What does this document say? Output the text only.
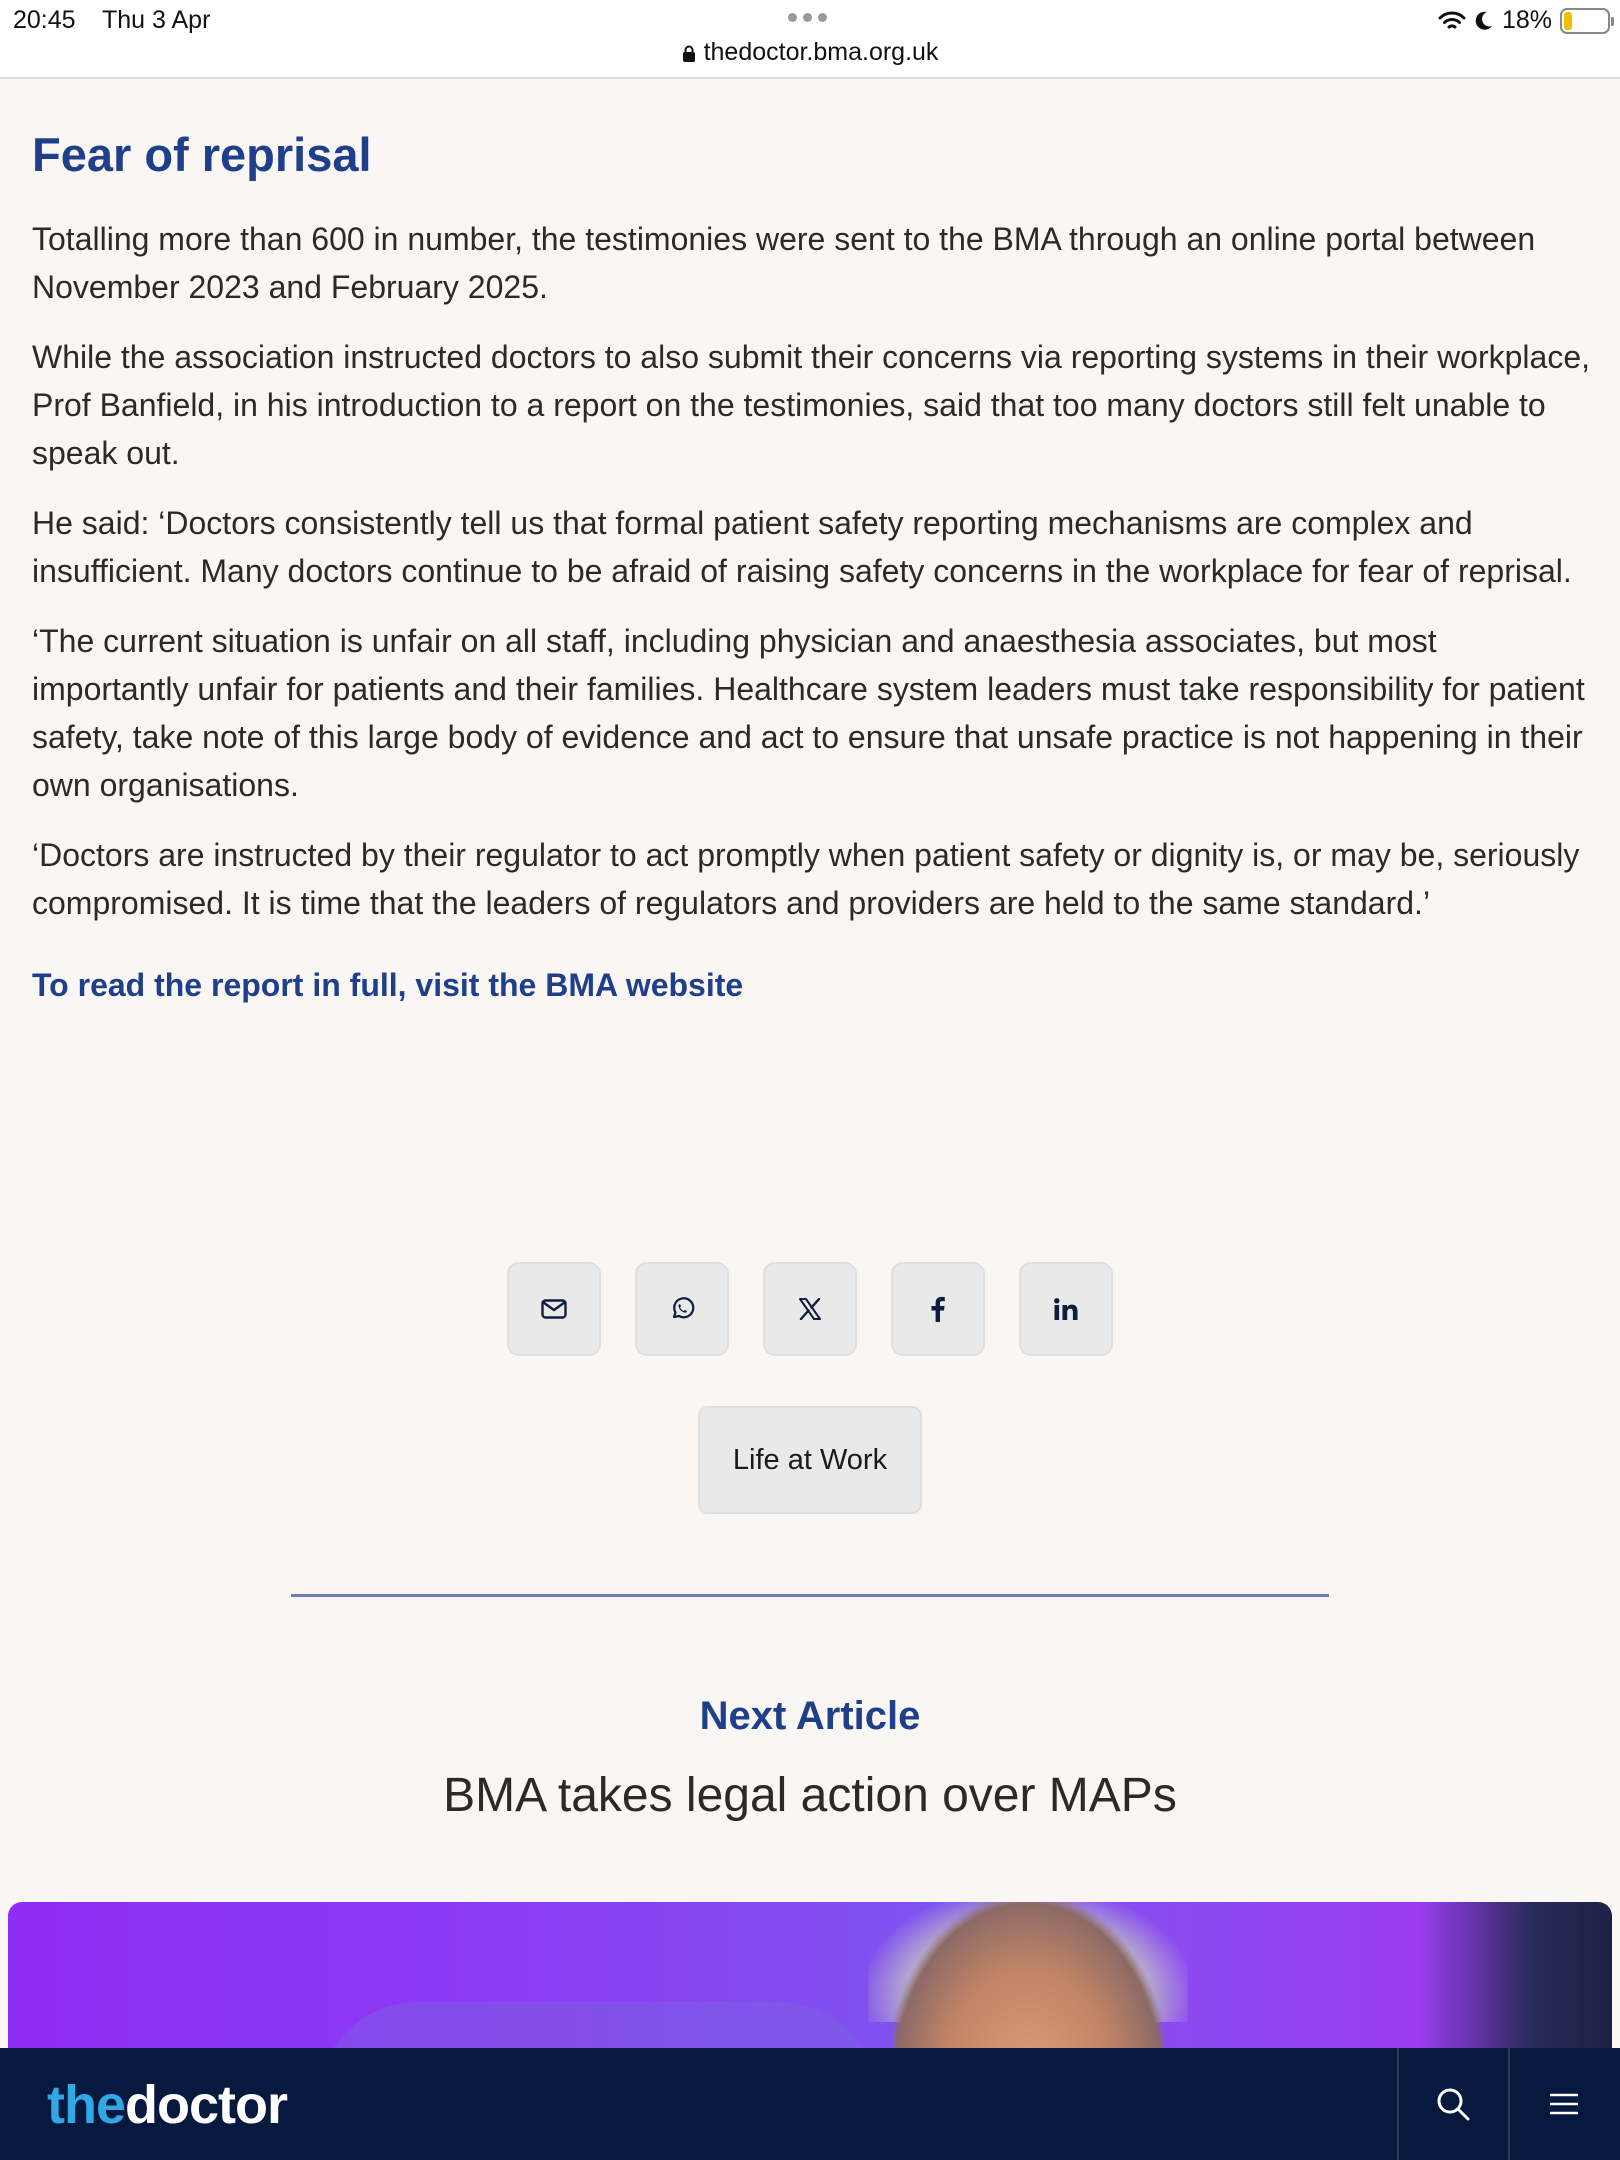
20:45 Thu 3 Apr
thedoctor.bma.org.uk
18%
Fear of reprisal

Totalling more than 600 in number, the testimonies were sent to the BMA through an online portal between November 2023 and February 2025.

While the association instructed doctors to also submit their concerns via reporting systems in their workplace, Prof Banfield, in his introduction to a report on the testimonies, said that too many doctors still felt unable to speak out.

He said: ‘Doctors consistently tell us that formal patient safety reporting mechanisms are complex and insufficient. Many doctors continue to be afraid of raising safety concerns in the workplace for fear of reprisal.

‘The current situation is unfair on all staff, including physician and anaesthesia associates, but most importantly unfair for patients and their families. Healthcare system leaders must take responsibility for patient safety, take note of this large body of evidence and act to ensure that unsafe practice is not happening in their own organisations.

‘Doctors are instructed by their regulator to act promptly when patient safety or dignity is, or may be, seriously compromised. It is time that the leaders of regulators and providers are held to the same standard.’

To read the report in full, visit the BMA website
Life at Work
Next Article
BMA takes legal action over MAPs
thedoctor
